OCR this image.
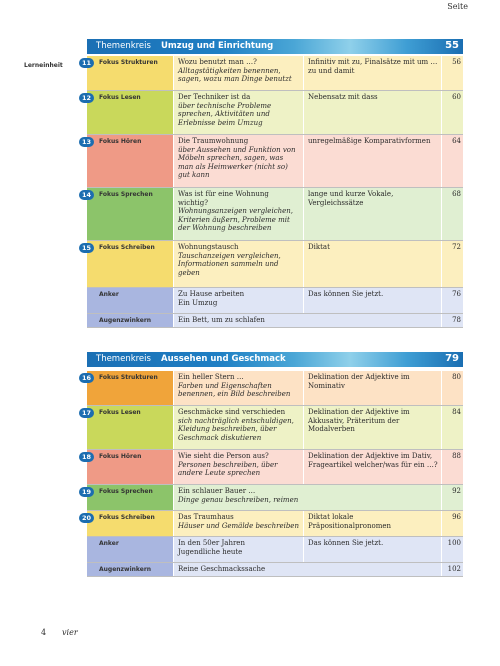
Seite
Lerneinheit
Themenkreis Umzug und Einrichtung	55
11	Fokus Strukturen	Wozu benutzt man …?
Alltagstätigkeiten benennen, sagen, wozu man Dinge benutzt
Infinitiv mit zu, Finalsätze mit um … zu und damit
56
12	Fokus Lesen	Der Techniker ist da
über technische Probleme sprechen, Aktivitäten und Erlebnisse beim Umzug
Nebensatz mit dass	60
13	Fokus Hören	Die Traumwohnung
über Aussehen und Funktion von Möbeln sprechen, sagen, was man als Heimwerker (nicht so) gut kann
unregelmäßige Komparativformen	64
14	Fokus Sprechen	Was ist für eine Wohnung wichtig?
Wohnungsanzeigen vergleichen, Kriterien äußern, Probleme mit der Wohnung beschreiben
lange und kurze Vokale, Vergleichssätze
68
15	Fokus Schreiben	Wohnungstausch
Tauschanzeigen vergleichen, Informationen sammeln und geben
Diktat	72
Anker	Zu Hause arbeiten
Ein Umzug
Das können Sie jetzt.	76
Augenzwinkern	Ein Bett, um zu schlafen	78
Themenkreis Aussehen und Geschmack	79
16	Fokus Strukturen	Ein heller Stern …
Farben und Eigenschaften benennen, ein Bild beschreiben
Deklination der Adjektive im Nominativ
80
17	Fokus Lesen	Geschmäcke sind verschieden
sich nachträglich entschuldigen, Kleidung beschreiben, über Geschmack diskutieren
Deklination der Adjektive im Akkusativ, Präteritum der Modalverben
84
18	Fokus Hören	Wie sieht die Person aus?
Personen beschreiben, über andere Leute sprechen
Deklination der Adjektive im Dativ, Frageartikel welcher/was für ein …?
88
19	Fokus Sprechen	Ein schlauer Bauer …
Dinge genau beschreiben, reimen
92
20	Fokus Schreiben	Das Traumhaus
Häuser und Gemälde beschreiben
Diktat lokale Präpositionalpronomen
96
Anker	In den 50er Jahren
Jugendliche heute
Das können Sie jetzt.	100
Augenzwinkern	Reine Geschmackssache	102
4 vier
